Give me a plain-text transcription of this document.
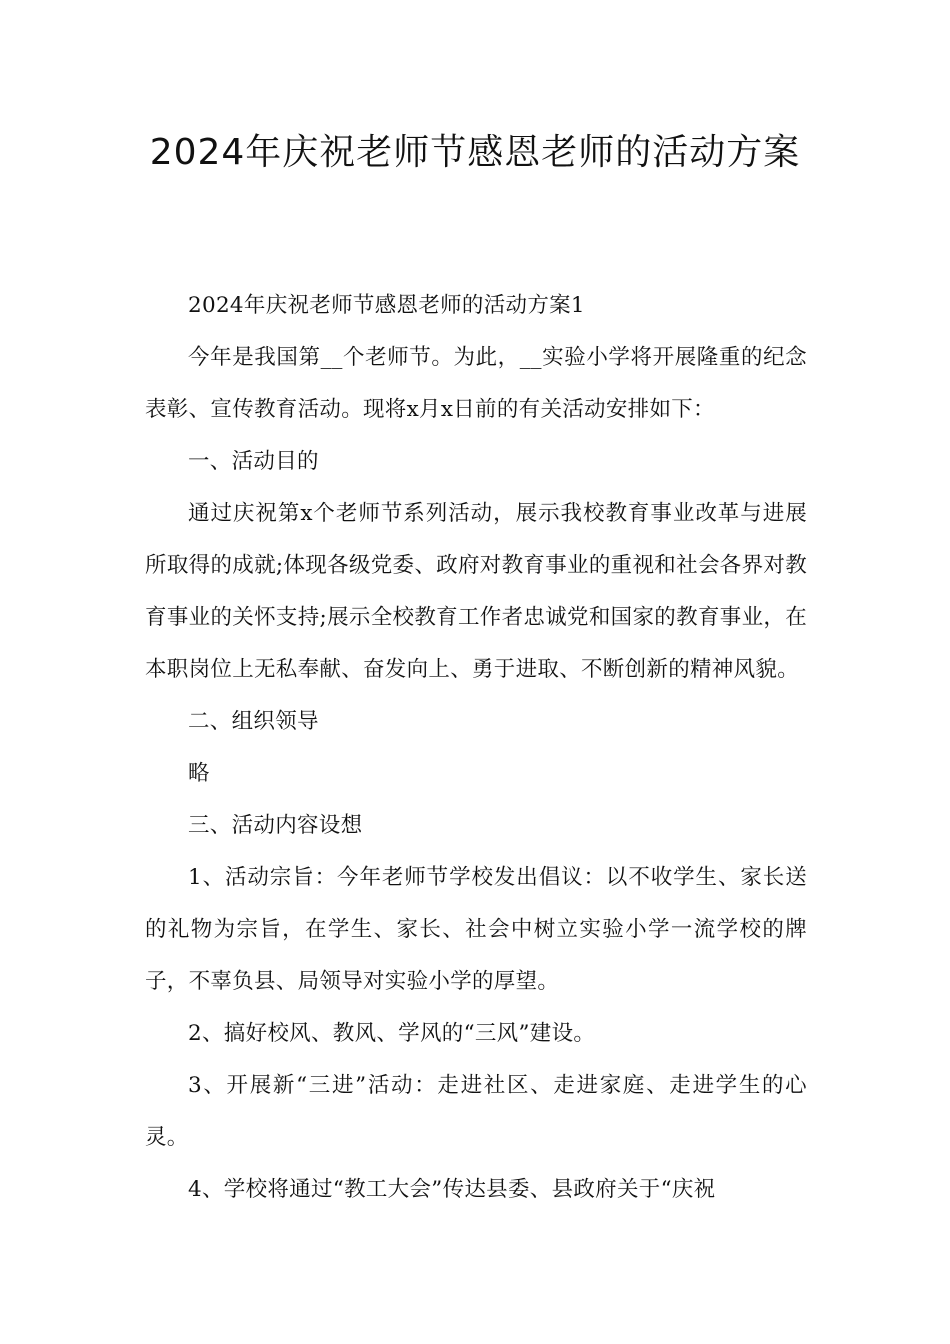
2024年庆祝老师节感恩老师的活动方案

2024年庆祝老师节感恩老师的活动方案1

今年是我国第__个老师节。为此，__实验小学将开展隆重的纪念表彰、宣传教育活动。现将x月x日前的有关活动安排如下：

一、活动目的

通过庆祝第x个老师节系列活动，展示我校教育事业改革与进展所取得的成就;体现各级党委、政府对教育事业的重视和社会各界对教育事业的关怀支持;展示全校教育工作者忠诚党和国家的教育事业，在本职岗位上无私奉献、奋发向上、勇于进取、不断创新的精神风貌。

二、组织领导

略

三、活动内容设想

1、活动宗旨：今年老师节学校发出倡议：以不收学生、家长送的礼物为宗旨，在学生、家长、社会中树立实验小学一流学校的牌子，不辜负县、局领导对实验小学的厚望。

2、搞好校风、教风、学风的“三风”建设。

3、开展新“三进”活动：走进社区、走进家庭、走进学生的心灵。

4、学校将通过“教工大会”传达县委、县政府关于“庆祝
